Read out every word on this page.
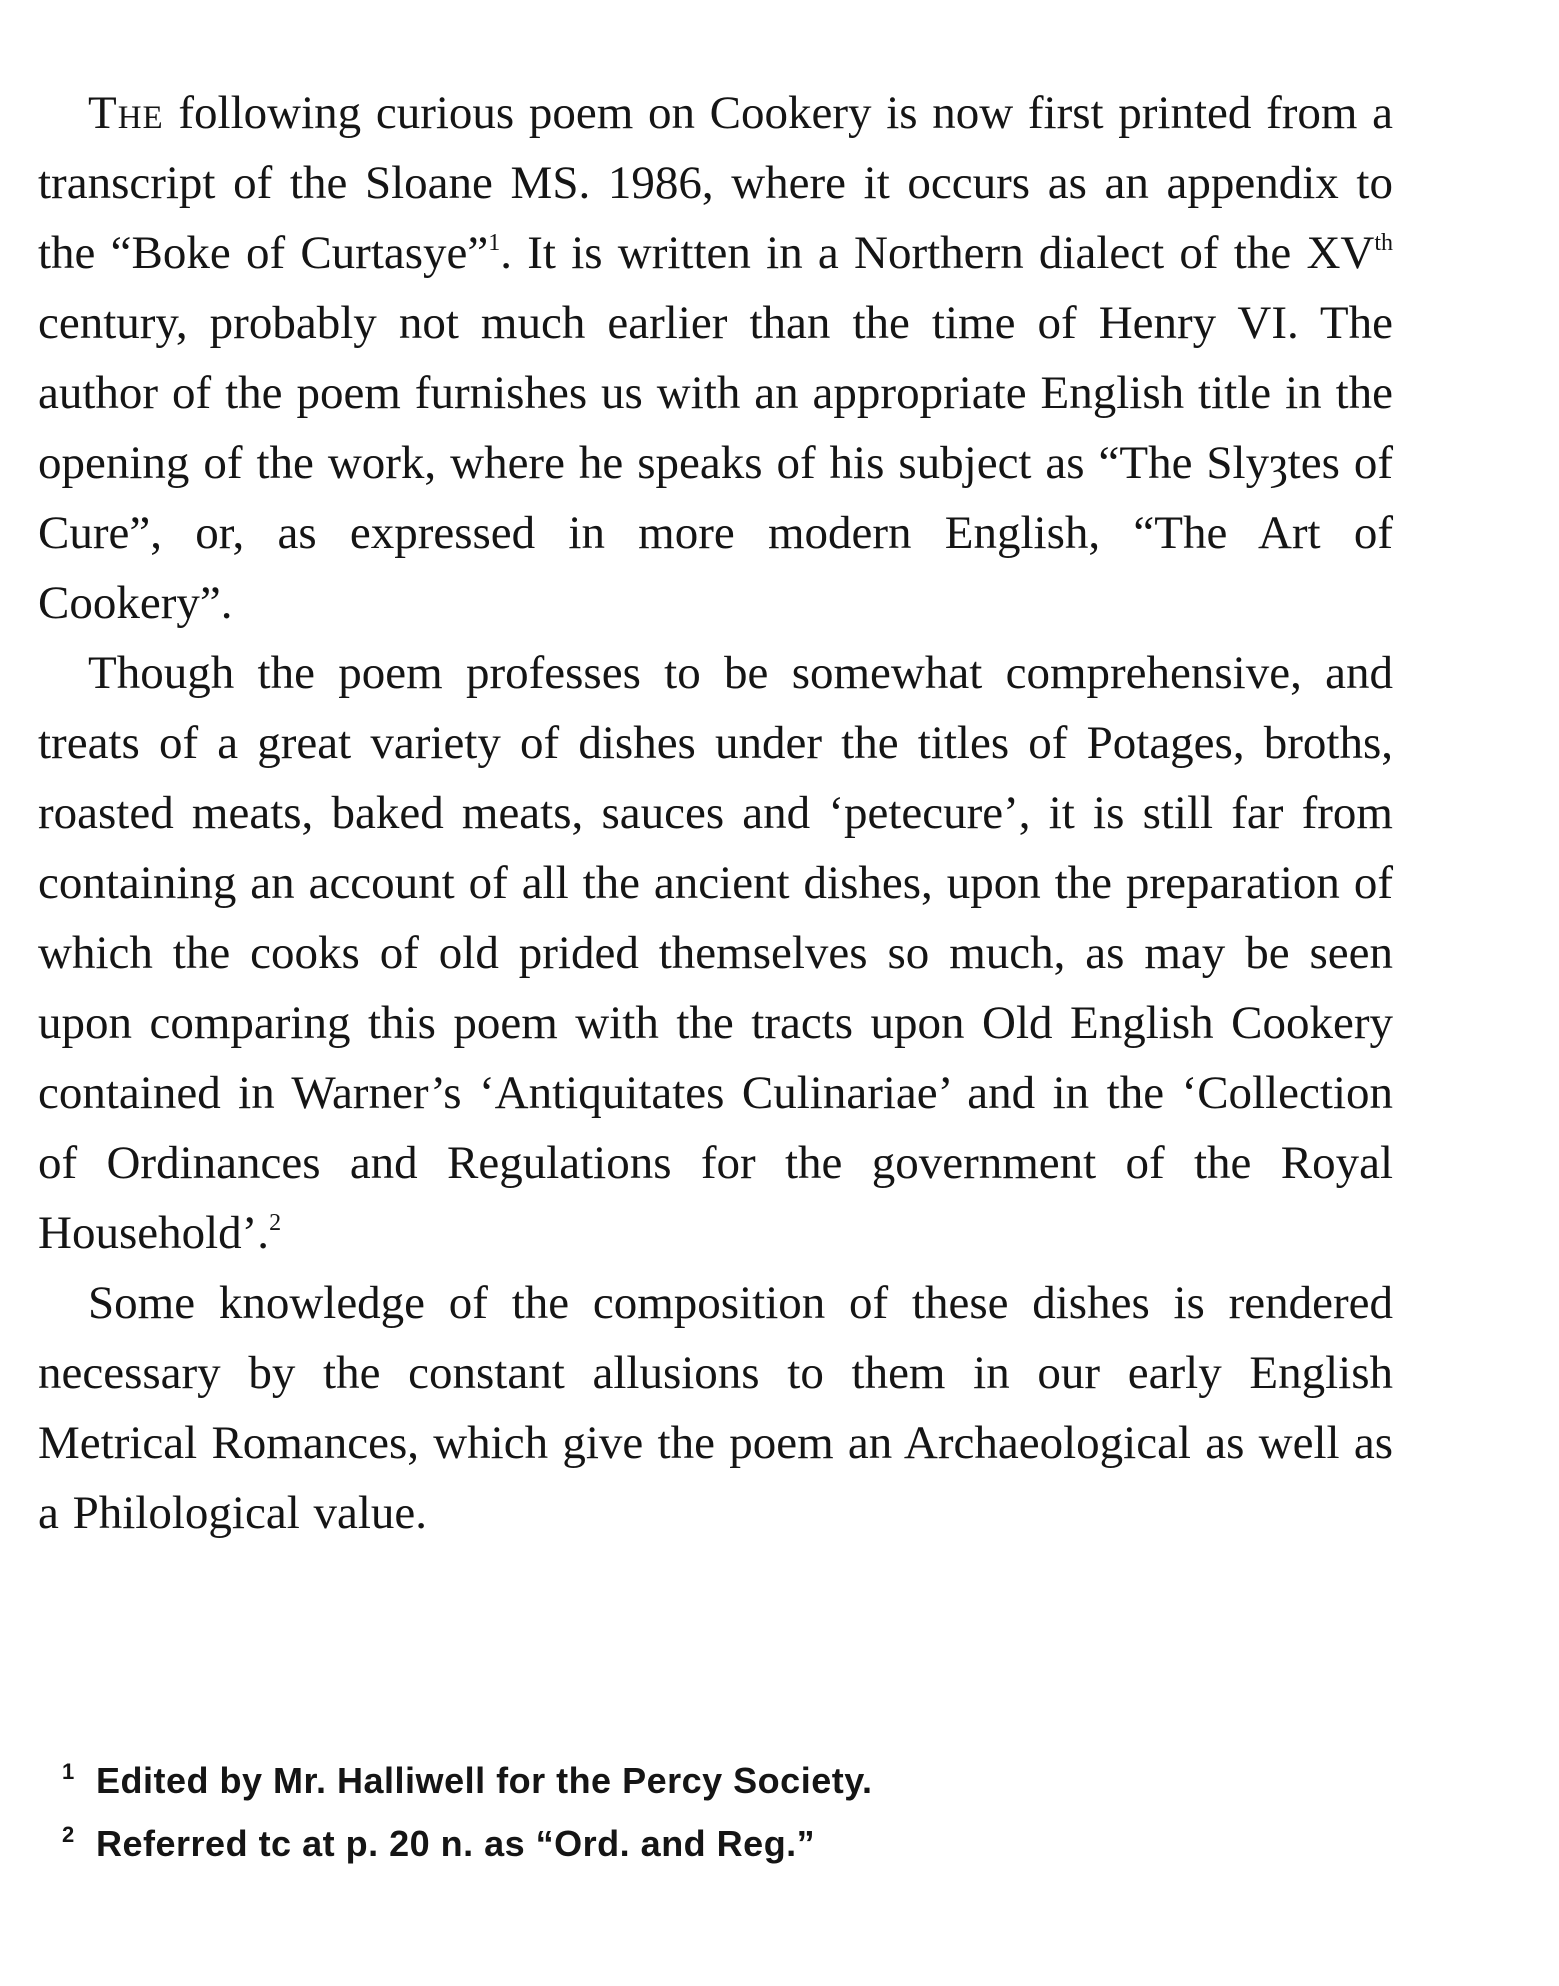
The following curious poem on Cookery is now first printed from a transcript of the Sloane MS. 1986, where it occurs as an appendix to the “Boke of Curtasye”$^1$. It is written in a Northern dialect of the XVth century, probably not much earlier than the time of Henry VI. The author of the poem furnishes us with an appropriate English title in the opening of the work, where he speaks of his subject as “The Slyȝtes of Cure”, or, as expressed in more modern English, “The Art of Cookery”.

Though the poem professes to be somewhat comprehensive, and treats of a great variety of dishes under the titles of Potages, broths, roasted meats, baked meats, sauces and ‘petecure’, it is still far from containing an account of all the ancient dishes, upon the preparation of which the cooks of old prided themselves so much, as may be seen upon comparing this poem with the tracts upon Old English Cookery contained in Warner’s ‘Antiquitates Culinariae’ and in the ‘Collection of Ordinances and Regulations for the government of the Royal Household’.$^2$

Some knowledge of the composition of these dishes is rendered necessary by the constant allusions to them in our early English Metrical Romances, which give the poem an Archaeological as well as a Philological value.

1 Edited by Mr. Halliwell for the Percy Society.

2 Referred tc at p. 20 n. as “Ord. and Reg.”
